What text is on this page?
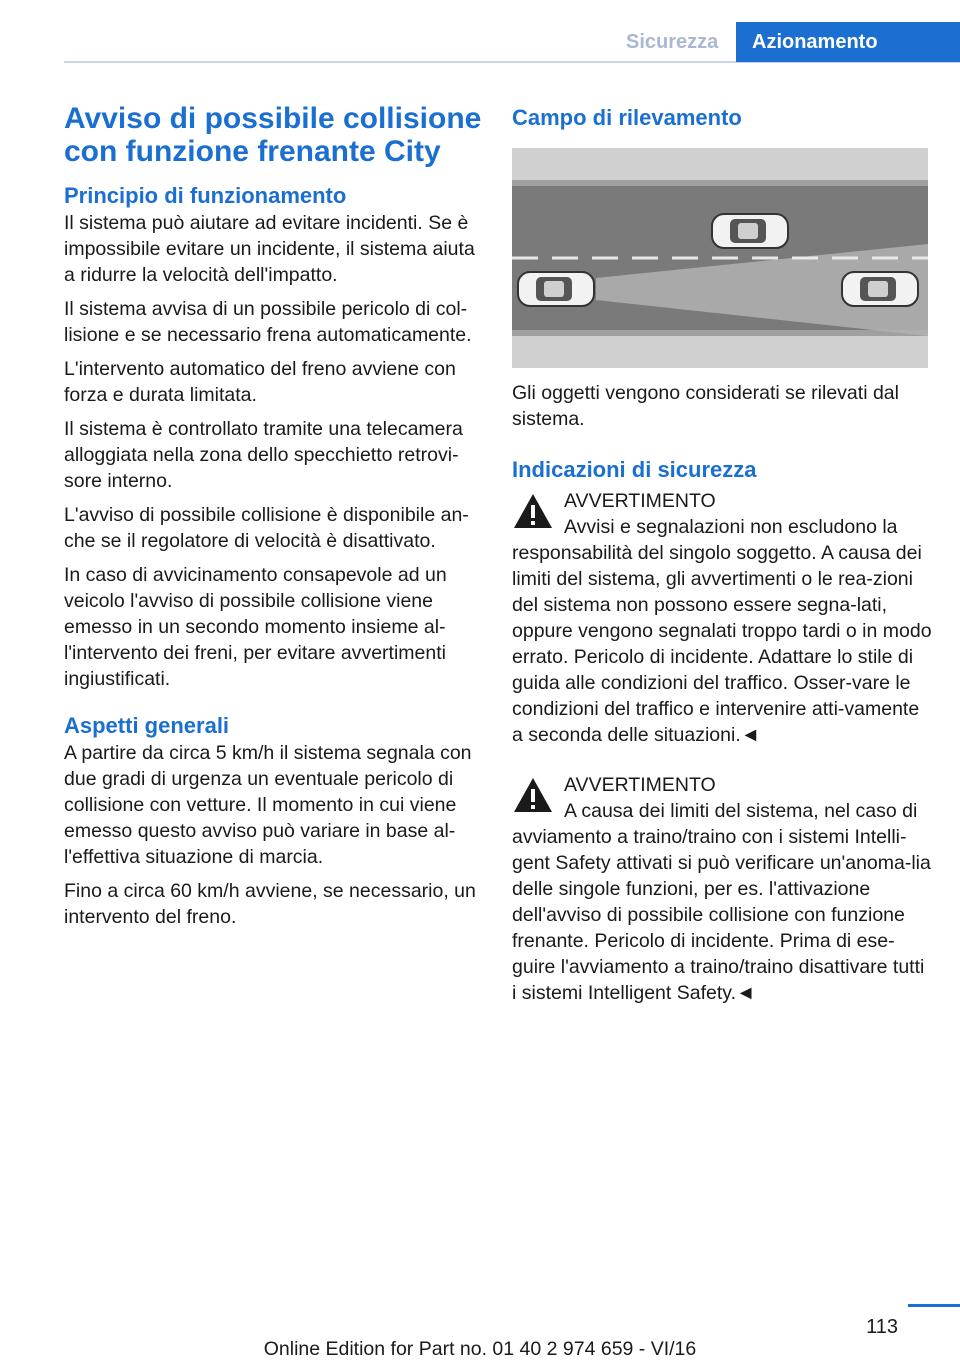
Sicurezza	Azionamento
Avviso di possibile collisione con funzione frenante City
Principio di funzionamento

Il sistema può aiutare ad evitare incidenti. Se è impossibile evitare un incidente, il sistema aiuta a ridurre la velocità dell'impatto.

Il sistema avvisa di un possibile pericolo di col‐lisione e se necessario frena automaticamente.

L'intervento automatico del freno avviene con forza e durata limitata.

Il sistema è controllato tramite una telecamera alloggiata nella zona dello specchietto retrovi‐sore interno.

L'avviso di possibile collisione è disponibile an‐che se il regolatore di velocità è disattivato.

In caso di avvicinamento consapevole ad un veicolo l'avviso di possibile collisione viene emesso in un secondo momento insieme al‐l'intervento dei freni, per evitare avvertimenti ingiustificati.

Aspetti generali

A partire da circa 5 km/h il sistema segnala con due gradi di urgenza un eventuale pericolo di collisione con vetture. Il momento in cui viene emesso questo avviso può variare in base al‐l'effettiva situazione di marcia.

Fino a circa 60 km/h avviene, se necessario, un intervento del freno.

Campo di rilevamento

Gli oggetti vengono considerati se rilevati dal sistema.

Indicazioni di sicurezza

AVVERTIMENTO

Avvisi e segnalazioni non escludono la

responsabilità del singolo soggetto. A causa dei limiti del sistema, gli avvertimenti o le rea‐zioni del sistema non possono essere segna‐lati, oppure vengono segnalati troppo tardi o in modo errato. Pericolo di incidente. Adattare lo stile di guida alle condizioni del traffico. Osser‐vare le condizioni del traffico e intervenire atti‐vamente a seconda delle situazioni.◄

AVVERTIMENTO

A causa dei limiti del sistema, nel caso di

avviamento a traino/traino con i sistemi Intelli‐gent Safety attivati si può verificare un'anoma‐lia delle singole funzioni, per es. l'attivazione dell'avviso di possibile collisione con funzione frenante. Pericolo di incidente. Prima di ese‐guire l'avviamento a traino/traino disattivare tutti i sistemi Intelligent Safety.◄

113
Online Edition for Part no. 01 40 2 974 659 - VI/16
